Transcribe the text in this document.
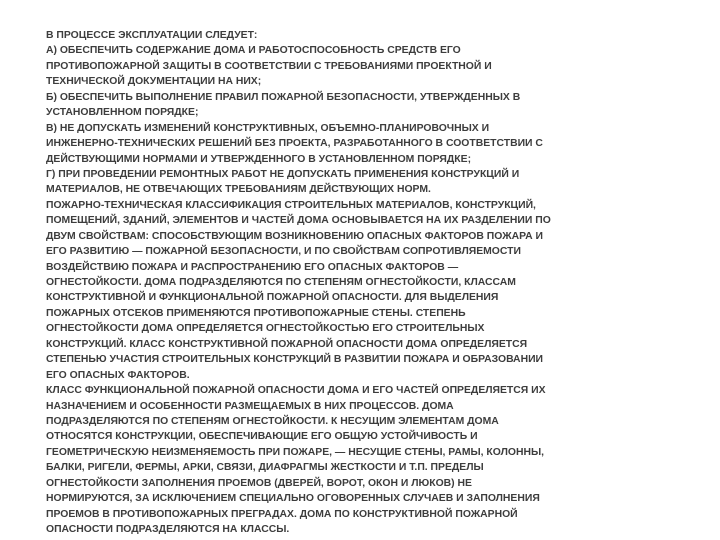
В ПРОЦЕССЕ ЭКСПЛУАТАЦИИ СЛЕДУЕТ:
А) ОБЕСПЕЧИТЬ СОДЕРЖАНИЕ ДОМА И РАБОТОСПОСОБНОСТЬ СРЕДСТВ ЕГО
ПРОТИВОПОЖАРНОЙ ЗАЩИТЫ В СООТВЕТСТВИИ С ТРЕБОВАНИЯМИ ПРОЕКТНОЙ И
ТЕХНИЧЕСКОЙ ДОКУМЕНТАЦИИ НА НИХ;
Б) ОБЕСПЕЧИТЬ ВЫПОЛНЕНИЕ ПРАВИЛ ПОЖАРНОЙ БЕЗОПАСНОСТИ, УТВЕРЖДЕННЫХ В
УСТАНОВЛЕННОМ ПОРЯДКЕ;
В) НЕ ДОПУСКАТЬ ИЗМЕНЕНИЙ КОНСТРУКТИВНЫХ, ОБЪЕМНО-ПЛАНИРОВОЧНЫХ И
ИНЖЕНЕРНО-ТЕХНИЧЕСКИХ РЕШЕНИЙ БЕЗ ПРОЕКТА, РАЗРАБОТАННОГО В СООТВЕТСТВИИ С
ДЕЙСТВУЮЩИМИ НОРМАМИ И УТВЕРЖДЕННОГО В УСТАНОВЛЕННОМ ПОРЯДКЕ;
Г) ПРИ ПРОВЕДЕНИИ РЕМОНТНЫХ РАБОТ НЕ ДОПУСКАТЬ ПРИМЕНЕНИЯ КОНСТРУКЦИЙ И
МАТЕРИАЛОВ, НЕ ОТВЕЧАЮЩИХ ТРЕБОВАНИЯМ ДЕЙСТВУЮЩИХ НОРМ.
ПОЖАРНО-ТЕХНИЧЕСКАЯ КЛАССИФИКАЦИЯ СТРОИТЕЛЬНЫХ МАТЕРИАЛОВ, КОНСТРУКЦИЙ,
ПОМЕЩЕНИЙ, ЗДАНИЙ, ЭЛЕМЕНТОВ И ЧАСТЕЙ ДОМА ОСНОВЫВАЕТСЯ НА ИХ РАЗДЕЛЕНИИ ПО
ДВУМ СВОЙСТВАМ: СПОСОБСТВУЮЩИМ ВОЗНИКНОВЕНИЮ ОПАСНЫХ ФАКТОРОВ ПОЖАРА И
ЕГО РАЗВИТИЮ — ПОЖАРНОЙ БЕЗОПАСНОСТИ, И ПО СВОЙСТВАМ СОПРОТИВЛЯЕМОСТИ
ВОЗДЕЙСТВИЮ ПОЖАРА И РАСПРОСТРАНЕНИЮ ЕГО ОПАСНЫХ ФАКТОРОВ —
ОГНЕСТОЙКОСТИ. ДОМА ПОДРАЗДЕЛЯЮТСЯ ПО СТЕПЕНЯМ ОГНЕСТОЙКОСТИ, КЛАССАМ
КОНСТРУКТИВНОЙ И ФУНКЦИОНАЛЬНОЙ ПОЖАРНОЙ ОПАСНОСТИ. ДЛЯ ВЫДЕЛЕНИЯ
ПОЖАРНЫХ ОТСЕКОВ ПРИМЕНЯЮТСЯ ПРОТИВОПОЖАРНЫЕ СТЕНЫ. СТЕПЕНЬ
ОГНЕСТОЙКОСТИ ДОМА ОПРЕДЕЛЯЕТСЯ ОГНЕСТОЙКОСТЬЮ ЕГО СТРОИТЕЛЬНЫХ
КОНСТРУКЦИЙ. КЛАСС КОНСТРУКТИВНОЙ ПОЖАРНОЙ ОПАСНОСТИ ДОМА ОПРЕДЕЛЯЕТСЯ
СТЕПЕНЬЮ УЧАСТИЯ СТРОИТЕЛЬНЫХ КОНСТРУКЦИЙ В РАЗВИТИИ ПОЖАРА И ОБРАЗОВАНИИ
ЕГО ОПАСНЫХ ФАКТОРОВ.
КЛАСС ФУНКЦИОНАЛЬНОЙ ПОЖАРНОЙ ОПАСНОСТИ ДОМА И ЕГО ЧАСТЕЙ ОПРЕДЕЛЯЕТСЯ ИХ
НАЗНАЧЕНИЕМ И ОСОБЕННОСТИ РАЗМЕЩАЕМЫХ В НИХ ПРОЦЕССОВ. ДОМА
ПОДРАЗДЕЛЯЮТСЯ ПО СТЕПЕНЯМ ОГНЕСТОЙКОСТИ. К НЕСУЩИМ ЭЛЕМЕНТАМ ДОМА
ОТНОСЯТСЯ КОНСТРУКЦИИ, ОБЕСПЕЧИВАЮЩИЕ ЕГО ОБЩУЮ УСТОЙЧИВОСТЬ И
ГЕОМЕТРИЧЕСКУЮ НЕИЗМЕНЯЕМОСТЬ ПРИ ПОЖАРЕ, — НЕСУЩИЕ СТЕНЫ, РАМЫ, КОЛОННЫ,
БАЛКИ, РИГЕЛИ, ФЕРМЫ, АРКИ, СВЯЗИ, ДИАФРАГМЫ ЖЕСТКОСТИ И Т.П. ПРЕДЕЛЫ
ОГНЕСТОЙКОСТИ ЗАПОЛНЕНИЯ ПРОЕМОВ (ДВЕРЕЙ, ВОРОТ, ОКОН И ЛЮКОВ) НЕ
НОРМИРУЮТСЯ, ЗА ИСКЛЮЧЕНИЕМ СПЕЦИАЛЬНО ОГОВОРЕННЫХ СЛУЧАЕВ И ЗАПОЛНЕНИЯ
ПРОЕМОВ В ПРОТИВОПОЖАРНЫХ ПРЕГРАДАХ. ДОМА ПО КОНСТРУКТИВНОЙ ПОЖАРНОЙ
ОПАСНОСТИ ПОДРАЗДЕЛЯЮТСЯ НА КЛАССЫ.
